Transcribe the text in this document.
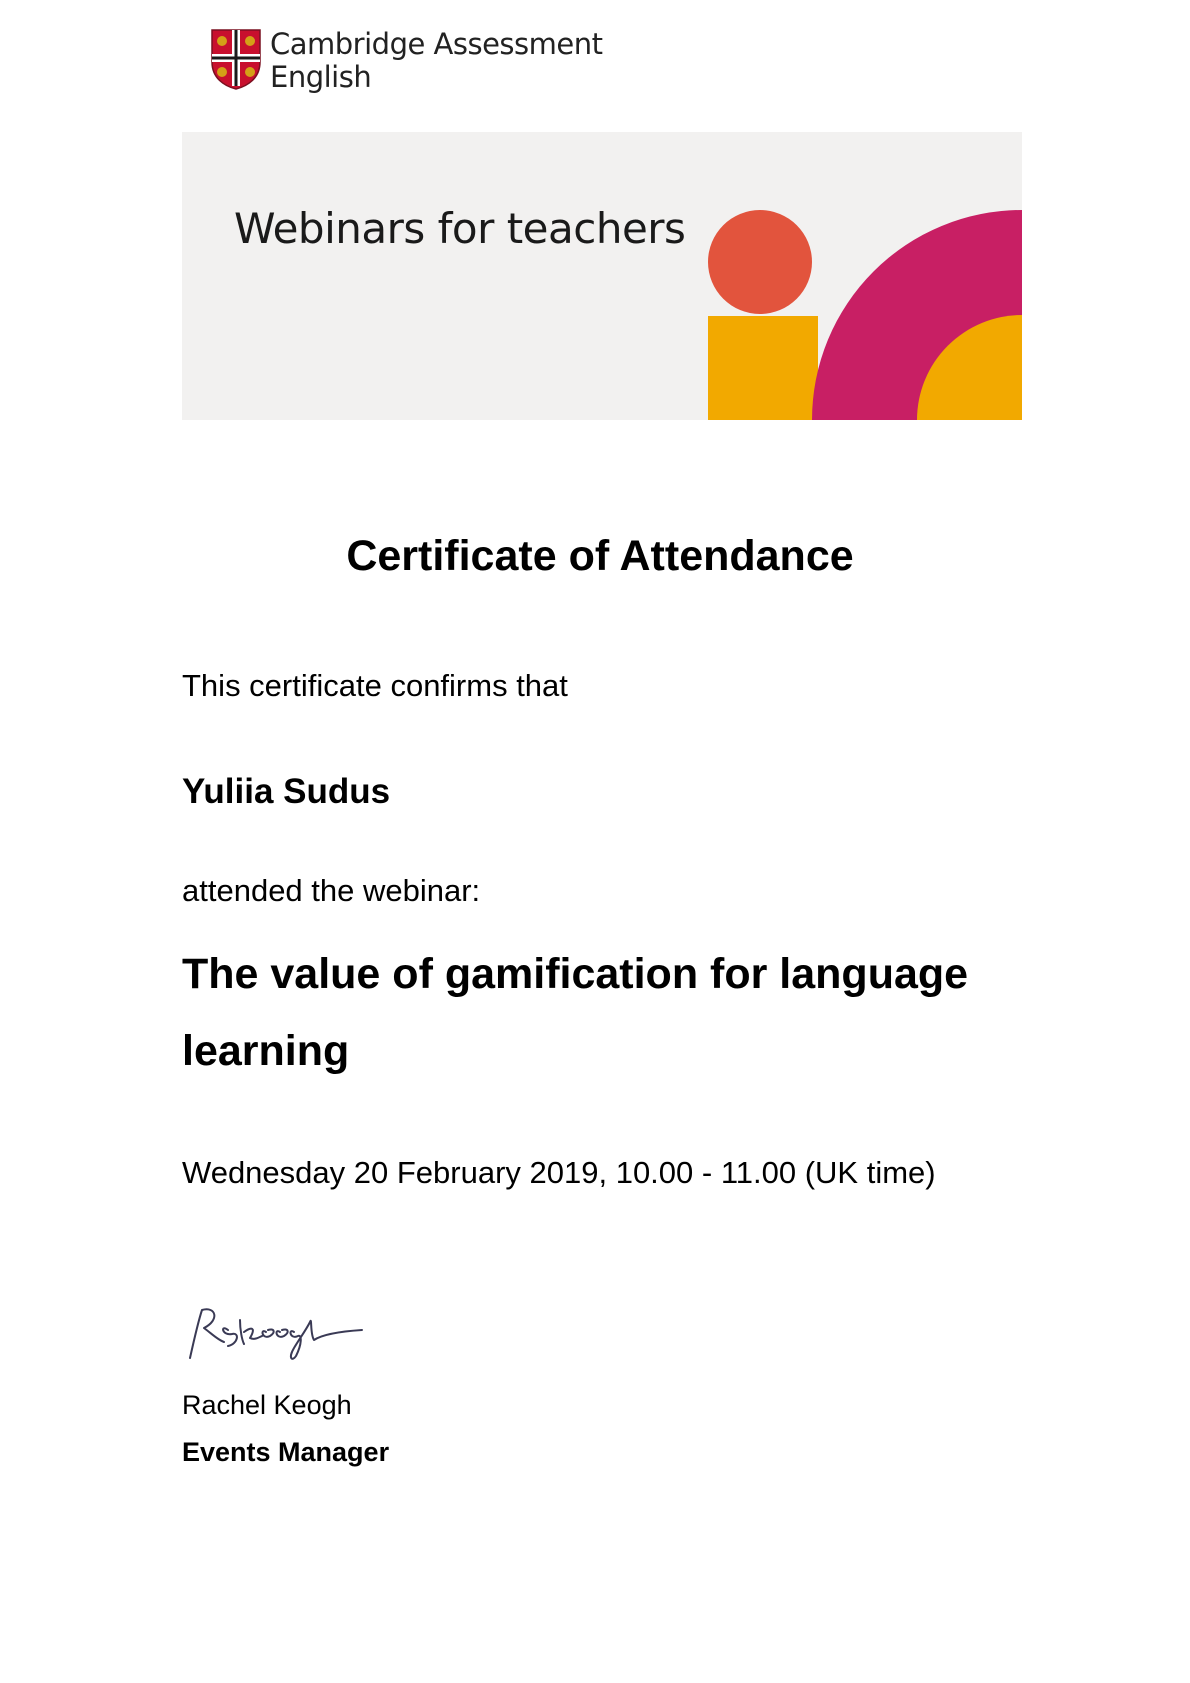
Cambridge Assessment
English
Webinars for teachers
Certificate of Attendance
This certificate confirms that
Yuliia Sudus
attended the webinar:
The value of gamification for language learning
Wednesday 20 February 2019, 10.00 - 11.00 (UK time)
Rachel Keogh
Events Manager
